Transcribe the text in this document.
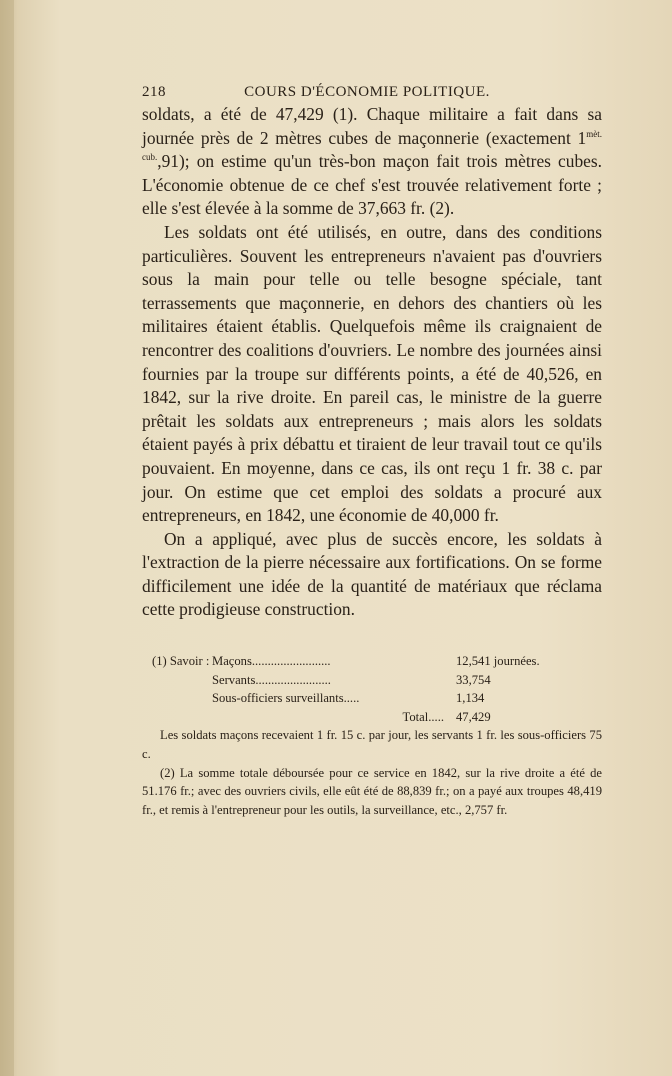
218	COURS D'ÉCONOMIE POLITIQUE.

soldats, a été de 47,429 (1). Chaque militaire a fait dans sa journée près de 2 mètres cubes de maçonnerie (exactement $1^{mèt. cub.},91$); on estime qu'un très-bon maçon fait trois mètres cubes. L'économie obtenue de ce chef s'est trouvée relativement forte ; elle s'est élevée à la somme de 37,663 fr. (2).

Les soldats ont été utilisés, en outre, dans des conditions particulières. Souvent les entrepreneurs n'avaient pas d'ouvriers sous la main pour telle ou telle besogne spéciale, tant terrassements que maçonnerie, en dehors des chantiers où les militaires étaient établis. Quelquefois même ils craignaient de rencontrer des coalitions d'ouvriers. Le nombre des journées ainsi fournies par la troupe sur différents points, a été de 40,526, en 1842, sur la rive droite. En pareil cas, le ministre de la guerre prêtait les soldats aux entrepreneurs ; mais alors les soldats étaient payés à prix débattu et tiraient de leur travail tout ce qu'ils pouvaient. En moyenne, dans ce cas, ils ont reçu 1 fr. 38 c. par jour. On estime que cet emploi des soldats a procuré aux entrepreneurs, en 1842, une économie de 40,000 fr.

On a appliqué, avec plus de succès encore, les soldats à l'extraction de la pierre nécessaire aux fortifications. On se forme difficilement une idée de la quantité de matériaux que réclama cette prodigieuse construction.

(1) Savoir : Maçons.........................	12,541 journées.
Servants........................	33,754
Sous-officiers surveillants.....	1,134
Total..... 47,429

Les soldats maçons recevaient 1 fr. 15 c. par jour, les servants 1 fr. les sous-officiers 75 c.

(2) La somme totale déboursée pour ce service en 1842, sur la rive droite a été de 51.176 fr.; avec des ouvriers civils, elle eût été de 88,839 fr.; on a payé aux troupes 48,419 fr., et remis à l'entrepreneur pour les outils, la surveillance, etc., 2,757 fr.
